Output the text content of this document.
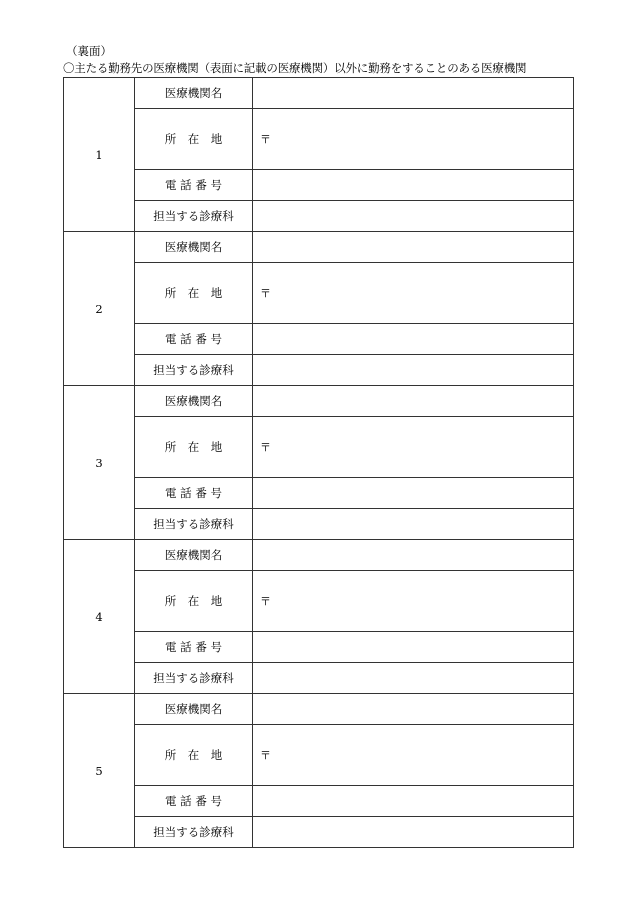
（裏面）
〇主たる勤務先の医療機関（表面に記載の医療機関）以外に勤務をすることのある医療機関
1	医療機関名	
	所　在　地	〒

	電 話 番 号	
	担当する診療科	
2	医療機関名	
	所　在　地	〒

	電 話 番 号	
	担当する診療科	
3	医療機関名	
	所　在　地	〒

	電 話 番 号	
	担当する診療科	
4	医療機関名	
	所　在　地	〒

	電 話 番 号	
	担当する診療科	
5	医療機関名	
	所　在　地	〒

	電 話 番 号	
	担当する診療科	
